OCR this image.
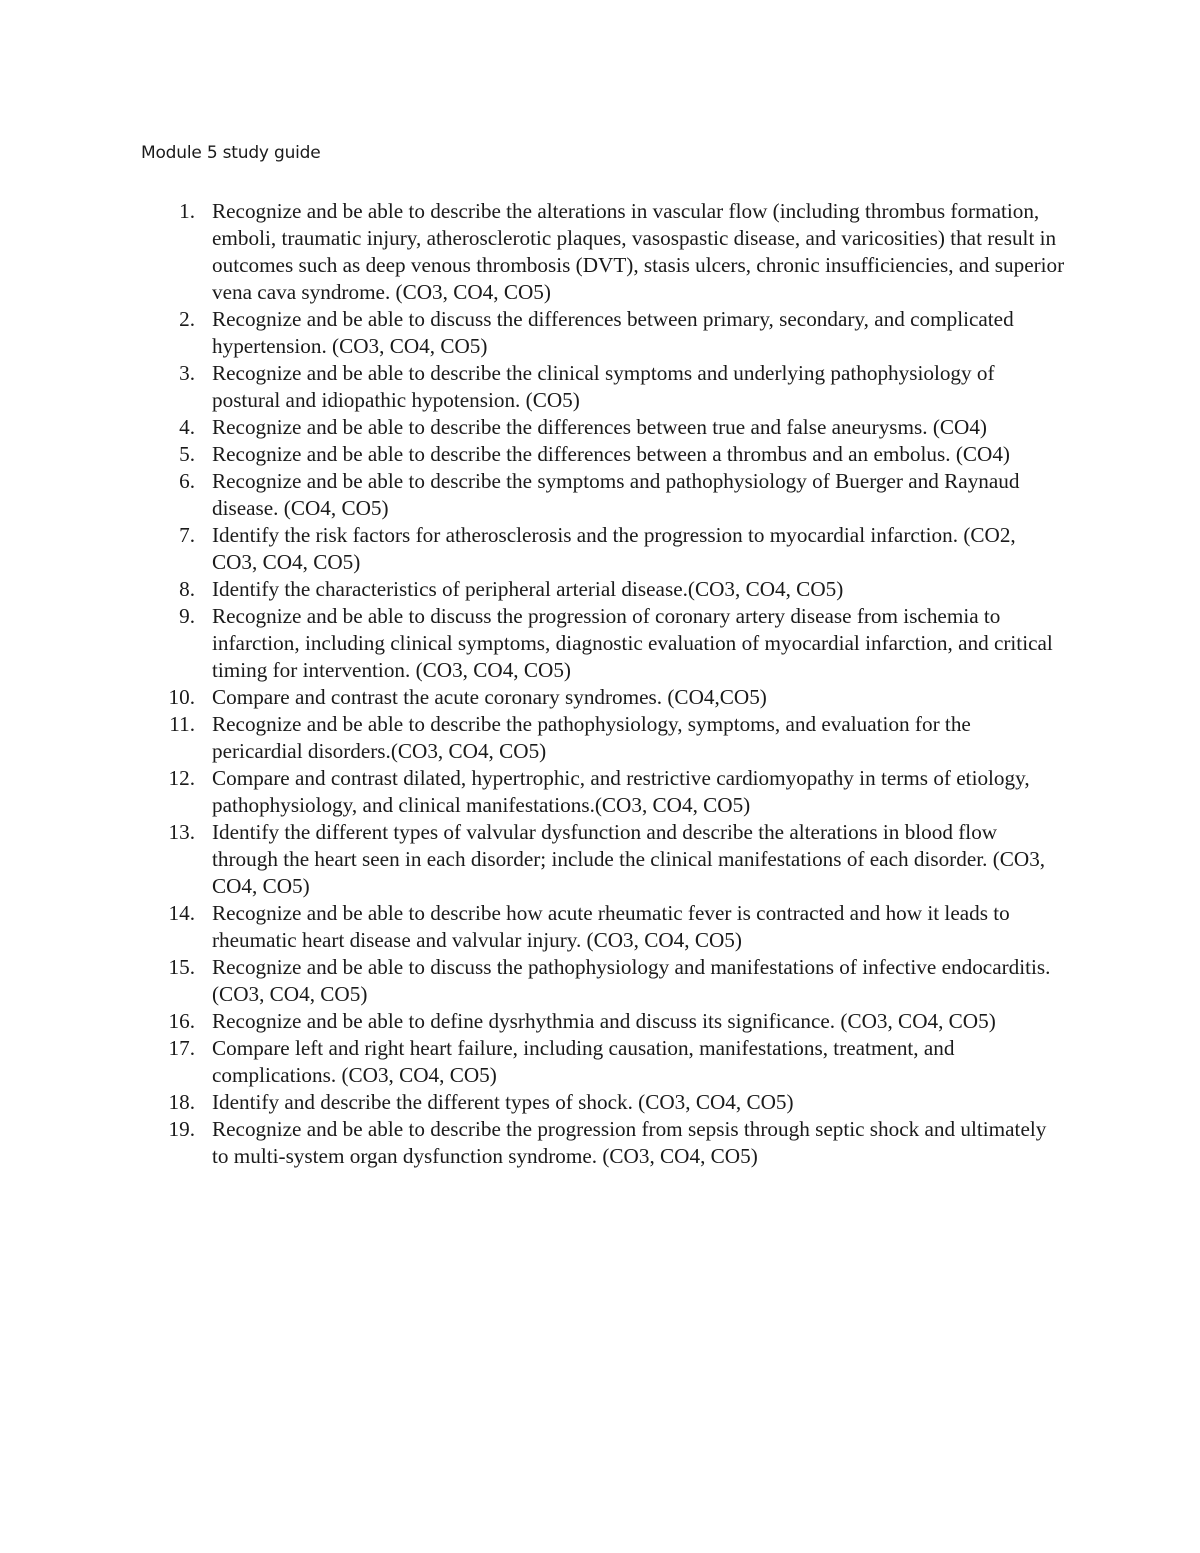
Module 5 study guide
1. Recognize and be able to describe the alterations in vascular flow (including thrombus formation, emboli, traumatic injury, atherosclerotic plaques, vasospastic disease, and varicosities) that result in outcomes such as deep venous thrombosis (DVT), stasis ulcers, chronic insufficiencies, and superior vena cava syndrome. (CO3, CO4, CO5)
2. Recognize and be able to discuss the differences between primary, secondary, and complicated hypertension. (CO3, CO4, CO5)
3. Recognize and be able to describe the clinical symptoms and underlying pathophysiology of postural and idiopathic hypotension. (CO5)
4. Recognize and be able to describe the differences between true and false aneurysms. (CO4)
5. Recognize and be able to describe the differences between a thrombus and an embolus. (CO4)
6. Recognize and be able to describe the symptoms and pathophysiology of Buerger and Raynaud disease. (CO4, CO5)
7. Identify the risk factors for atherosclerosis and the progression to myocardial infarction. (CO2, CO3, CO4, CO5)
8. Identify the characteristics of peripheral arterial disease.(CO3, CO4, CO5)
9. Recognize and be able to discuss the progression of coronary artery disease from ischemia to infarction, including clinical symptoms, diagnostic evaluation of myocardial infarction, and critical timing for intervention. (CO3, CO4, CO5)
10. Compare and contrast the acute coronary syndromes. (CO4,CO5)
11. Recognize and be able to describe the pathophysiology, symptoms, and evaluation for the pericardial disorders.(CO3, CO4, CO5)
12. Compare and contrast dilated, hypertrophic, and restrictive cardiomyopathy in terms of etiology, pathophysiology, and clinical manifestations.(CO3, CO4, CO5)
13. Identify the different types of valvular dysfunction and describe the alterations in blood flow through the heart seen in each disorder; include the clinical manifestations of each disorder. (CO3, CO4, CO5)
14. Recognize and be able to describe how acute rheumatic fever is contracted and how it leads to rheumatic heart disease and valvular injury. (CO3, CO4, CO5)
15. Recognize and be able to discuss the pathophysiology and manifestations of infective endocarditis. (CO3, CO4, CO5)
16. Recognize and be able to define dysrhythmia and discuss its significance. (CO3, CO4, CO5)
17. Compare left and right heart failure, including causation, manifestations, treatment, and complications. (CO3, CO4, CO5)
18. Identify and describe the different types of shock. (CO3, CO4, CO5)
19. Recognize and be able to describe the progression from sepsis through septic shock and ultimately to multi-system organ dysfunction syndrome. (CO3, CO4, CO5)
